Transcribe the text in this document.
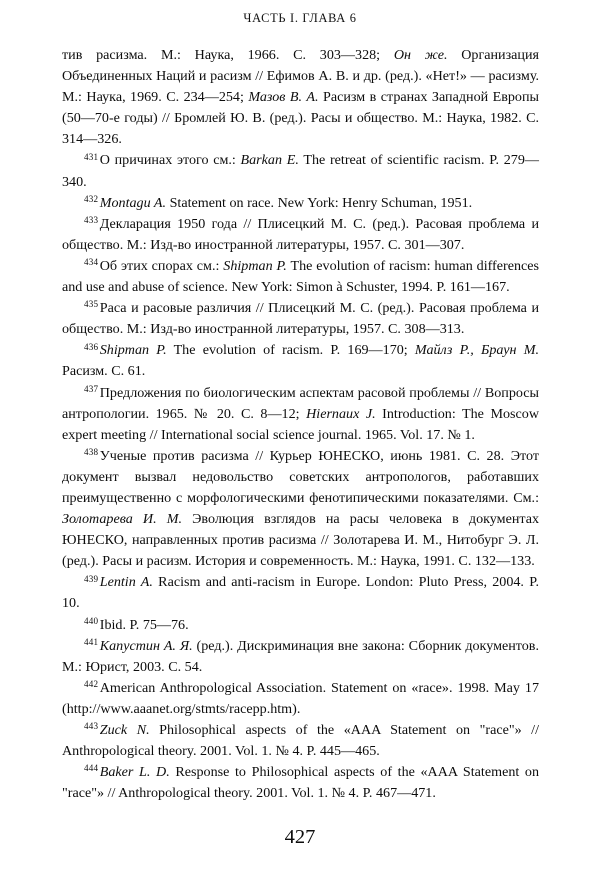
ЧАСТЬ I. ГЛАВА 6

тив расизма. М.: Наука, 1966. С. 303—328; Он же. Организация Объединенных Наций и расизм // Ефимов А. В. и др. (ред.). «Нет!» — расизму. М.: Наука, 1969. С. 234—254; Мазов В. А. Расизм в странах Западной Европы (50—70-е годы) // Бромлей Ю. В. (ред.). Расы и общество. М.: Наука, 1982. С. 314—326.

$^{431}$ О причинах этого см.: Barkan E. The retreat of scientific racism. P. 279—340.

$^{432}$ Montagu A. Statement on race. New York: Henry Schuman, 1951.

$^{433}$ Декларация 1950 года // Плисецкий М. С. (ред.). Расовая проблема и общество. М.: Изд-во иностранной литературы, 1957. С. 301—307.

$^{434}$ Об этих спорах см.: Shipman P. The evolution of racism: human differences and use and abuse of science. New York: Simon à Schuster, 1994. P. 161—167.

$^{435}$ Раса и расовые различия // Плисецкий М. С. (ред.). Расовая проблема и общество. М.: Изд-во иностранной литературы, 1957. С. 308—313.

$^{436}$ Shipman P. The evolution of racism. P. 169—170; Майлз Р., Браун М. Расизм. С. 61.

$^{437}$ Предложения по биологическим аспектам расовой проблемы // Вопросы антропологии. 1965. № 20. С. 8—12; Hiernaux J. Introduction: The Moscow expert meeting // International social science journal. 1965. Vol. 17. № 1.

$^{438}$ Ученые против расизма // Курьер ЮНЕСКО, июнь 1981. С. 28. Этот документ вызвал недовольство советских антропологов, работавших преимущественно с морфологическими фенотипическими показателями. См.: Золотарева И. М. Эволюция взглядов на расы человека в документах ЮНЕСКО, направленных против расизма // Золотарева И. М., Нитобург Э. Л. (ред.). Расы и расизм. История и современность. М.: Наука, 1991. С. 132—133.

$^{439}$ Lentin A. Racism and anti-racism in Europe. London: Pluto Press, 2004. P. 10.

$^{440}$ Ibid. P. 75—76.

$^{441}$ Капустин А. Я. (ред.). Дискриминация вне закона: Сборник документов. М.: Юрист, 2003. С. 54.

$^{442}$ American Anthropological Association. Statement on «race». 1998. May 17 (http://www.aaanet.org/stmts/racepp.htm).

$^{443}$ Zuck N. Philosophical aspects of the «AAA Statement on "race"» // Anthropological theory. 2001. Vol. 1. № 4. P. 445—465.

$^{444}$ Baker L. D. Response to Philosophical aspects of the «AAA Statement on "race"» // Anthropological theory. 2001. Vol. 1. № 4. P. 467—471.

427
